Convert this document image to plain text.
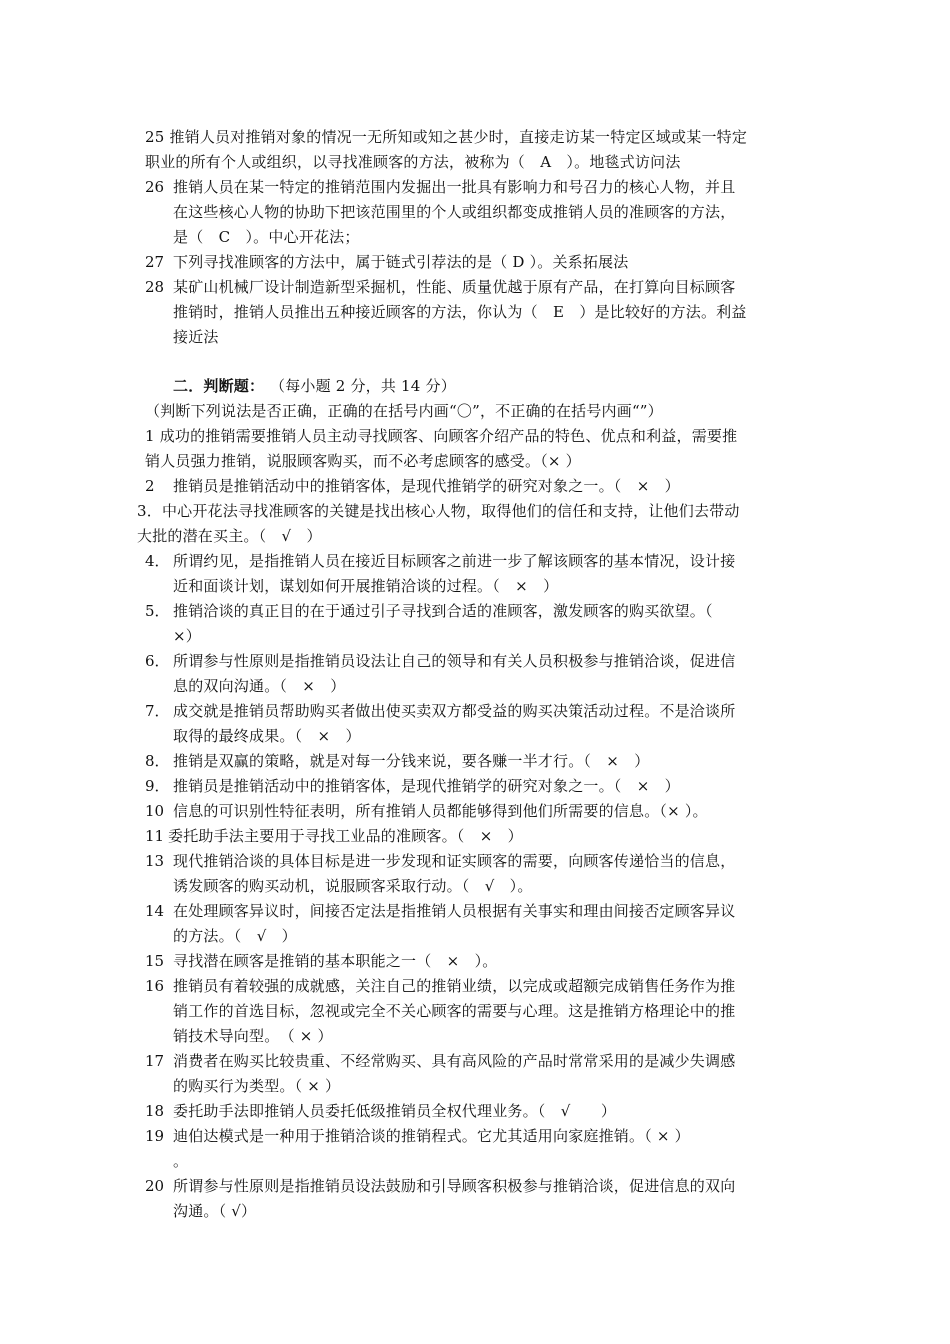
25 推销人员对推销对象的情况一无所知或知之甚少时，直接走访某一特定区域或某一特定
职业的所有个人或组织，以寻找准顾客的方法，被称为（　A　）。地毯式访问法
26 推销人员在某一特定的推销范围内发掘出一批具有影响力和号召力的核心人物，并且
在这些核心人物的协助下把该范围里的个人或组织都变成推销人员的准顾客的方法，
是（　C　）。中心开花法；
27 下列寻找准顾客的方法中，属于链式引荐法的是（ D ）。关系拓展法
28 某矿山机械厂设计制造新型采掘机，性能、质量优越于原有产品，在打算向目标顾客
推销时，推销人员推出五种接近顾客的方法，你认为（　E　）是比较好的方法。利益
接近法
二．判断题： （每小题 2 分，共 14 分）
（判断下列说法是否正确，正确的在括号内画“〇”，不正确的在括号内画“”）
1 成功的推销需要推销人员主动寻找顾客、向顾客介绍产品的特色、优点和利益，需要推
销人员强力推销，说服顾客购买，而不必考虑顾客的感受。（× ）
2 推销员是推销活动中的推销客体，是现代推销学的研究对象之一。（　×　）
3．中心开花法寻找准顾客的关键是找出核心人物，取得他们的信任和支持，让他们去带动
大批的潜在买主。（　√　）
4． 所谓约见，是指推销人员在接近目标顾客之前进一步了解该顾客的基本情况，设计接
近和面谈计划，谋划如何开展推销洽谈的过程。（　×　）
5． 推销洽谈的真正目的在于通过引子寻找到合适的准顾客，激发顾客的购买欲望。（
×）
6． 所谓参与性原则是指推销员设法让自己的领导和有关人员积极参与推销洽谈，促进信
息的双向沟通。（　×　）
7． 成交就是推销员帮助购买者做出使买卖双方都受益的购买决策活动过程。不是洽谈所
取得的最终成果。（　×　）
8． 推销是双赢的策略，就是对每一分钱来说，要各赚一半才行。（　×　）
9． 推销员是推销活动中的推销客体，是现代推销学的研究对象之一。（　×　）
10 信息的可识别性特征表明，所有推销人员都能够得到他们所需要的信息。（× ）。
11 委托助手法主要用于寻找工业品的准顾客。（　×　）
13 现代推销洽谈的具体目标是进一步发现和证实顾客的需要，向顾客传递恰当的信息，
诱发顾客的购买动机，说服顾客采取行动。（　√　）。
14 在处理顾客异议时，间接否定法是指推销人员根据有关事实和理由间接否定顾客异议
的方法。（　√　）
15 寻找潜在顾客是推销的基本职能之一（　×　）。
16 推销员有着较强的成就感，关注自己的推销业绩，以完成或超额完成销售任务作为推
销工作的首选目标，忽视或完全不关心顾客的需要与心理。这是推销方格理论中的推
销技术导向型。　（ × ）
17 消费者在购买比较贵重、不经常购买、具有高风险的产品时常常采用的是减少失调感
的购买行为类型。（ × ）
18 委托助手法即推销人员委托低级推销员全权代理业务。（　√　　）
19 迪伯达模式是一种用于推销洽谈的推销程式。它尤其适用向家庭推销。（ × ）
。
20 所谓参与性原则是指推销员设法鼓励和引导顾客积极参与推销洽谈，促进信息的双向
沟通。（ √）
